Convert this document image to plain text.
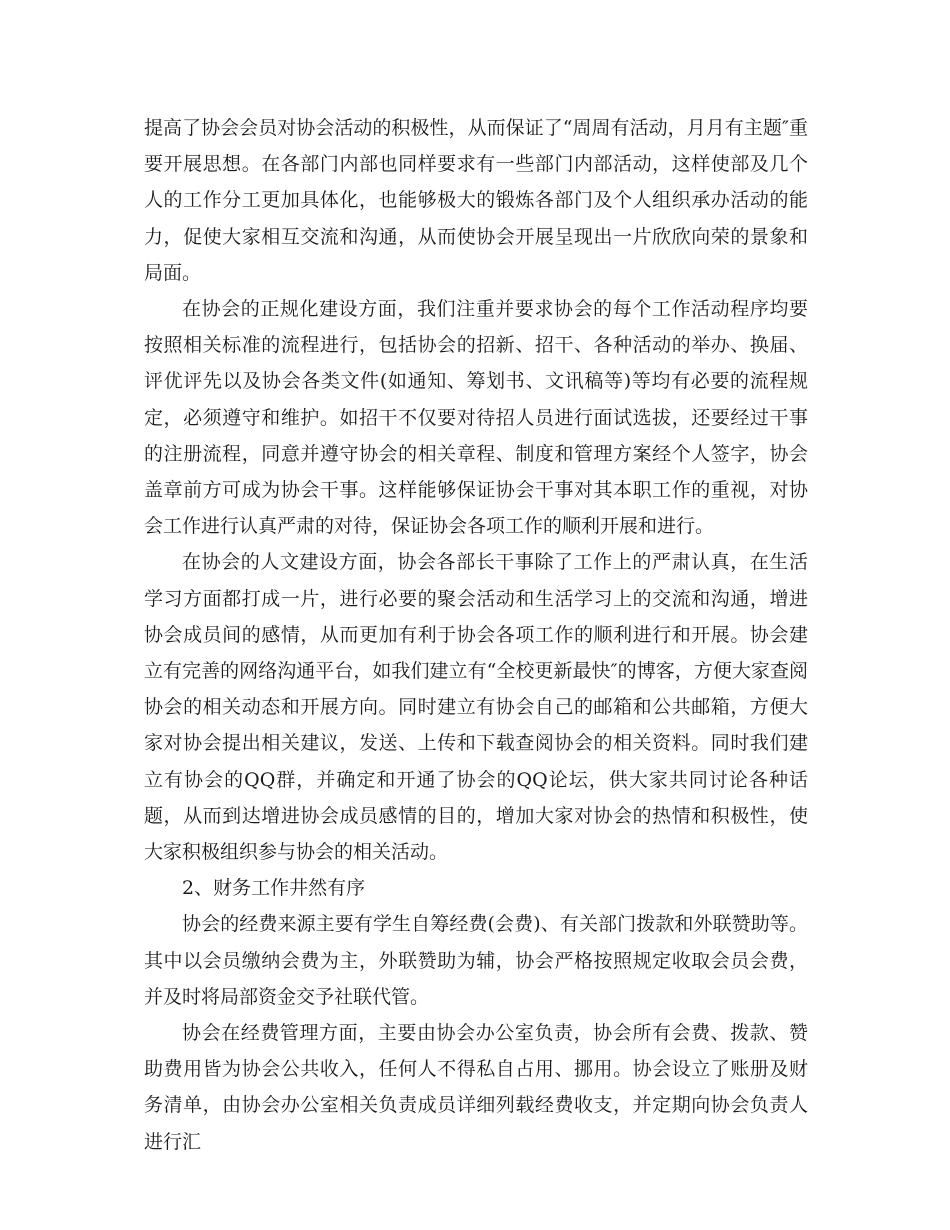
提高了协会会员对协会活动的积极性，从而保证了“周周有活动，月月有主题″重要开展思想。在各部门内部也同样要求有一些部门内部活动，这样使部及几个人的工作分工更加具体化，也能够极大的锻炼各部门及个人组织承办活动的能力，促使大家相互交流和沟通，从而使协会开展呈现出一片欣欣向荣的景象和局面。

在协会的正规化建设方面，我们注重并要求协会的每个工作活动程序均要按照相关标准的流程进行，包括协会的招新、招干、各种活动的举办、换届、评优评先以及协会各类文件(如通知、筹划书、文讯稿等)等均有必要的流程规定，必须遵守和维护。如招干不仅要对待招人员进行面试选拔，还要经过干事的注册流程，同意并遵守协会的相关章程、制度和管理方案经个人签字，协会盖章前方可成为协会干事。这样能够保证协会干事对其本职工作的重视，对协会工作进行认真严肃的对待，保证协会各项工作的顺利开展和进行。

在协会的人文建设方面，协会各部长干事除了工作上的严肃认真，在生活学习方面都打成一片，进行必要的聚会活动和生活学习上的交流和沟通，增进协会成员间的感情，从而更加有利于协会各项工作的顺利进行和开展。协会建立有完善的网络沟通平台，如我们建立有“全校更新最快″的博客，方便大家查阅协会的相关动态和开展方向。同时建立有协会自己的邮箱和公共邮箱，方便大家对协会提出相关建议，发送、上传和下载查阅协会的相关资料。同时我们建立有协会的QQ群，并确定和开通了协会的QQ论坛，供大家共同讨论各种话题，从而到达增进协会成员感情的目的，增加大家对协会的热情和积极性，使大家积极组织参与协会的相关活动。

2、财务工作井然有序

协会的经费来源主要有学生自筹经费(会费)、有关部门拨款和外联赞助等。其中以会员缴纳会费为主，外联赞助为辅，协会严格按照规定收取会员会费，并及时将局部资金交予社联代管。

协会在经费管理方面，主要由协会办公室负责，协会所有会费、拨款、赞助费用皆为协会公共收入，任何人不得私自占用、挪用。协会设立了账册及财务清单，由协会办公室相关负责成员详细列载经费收支，并定期向协会负责人进行汇
